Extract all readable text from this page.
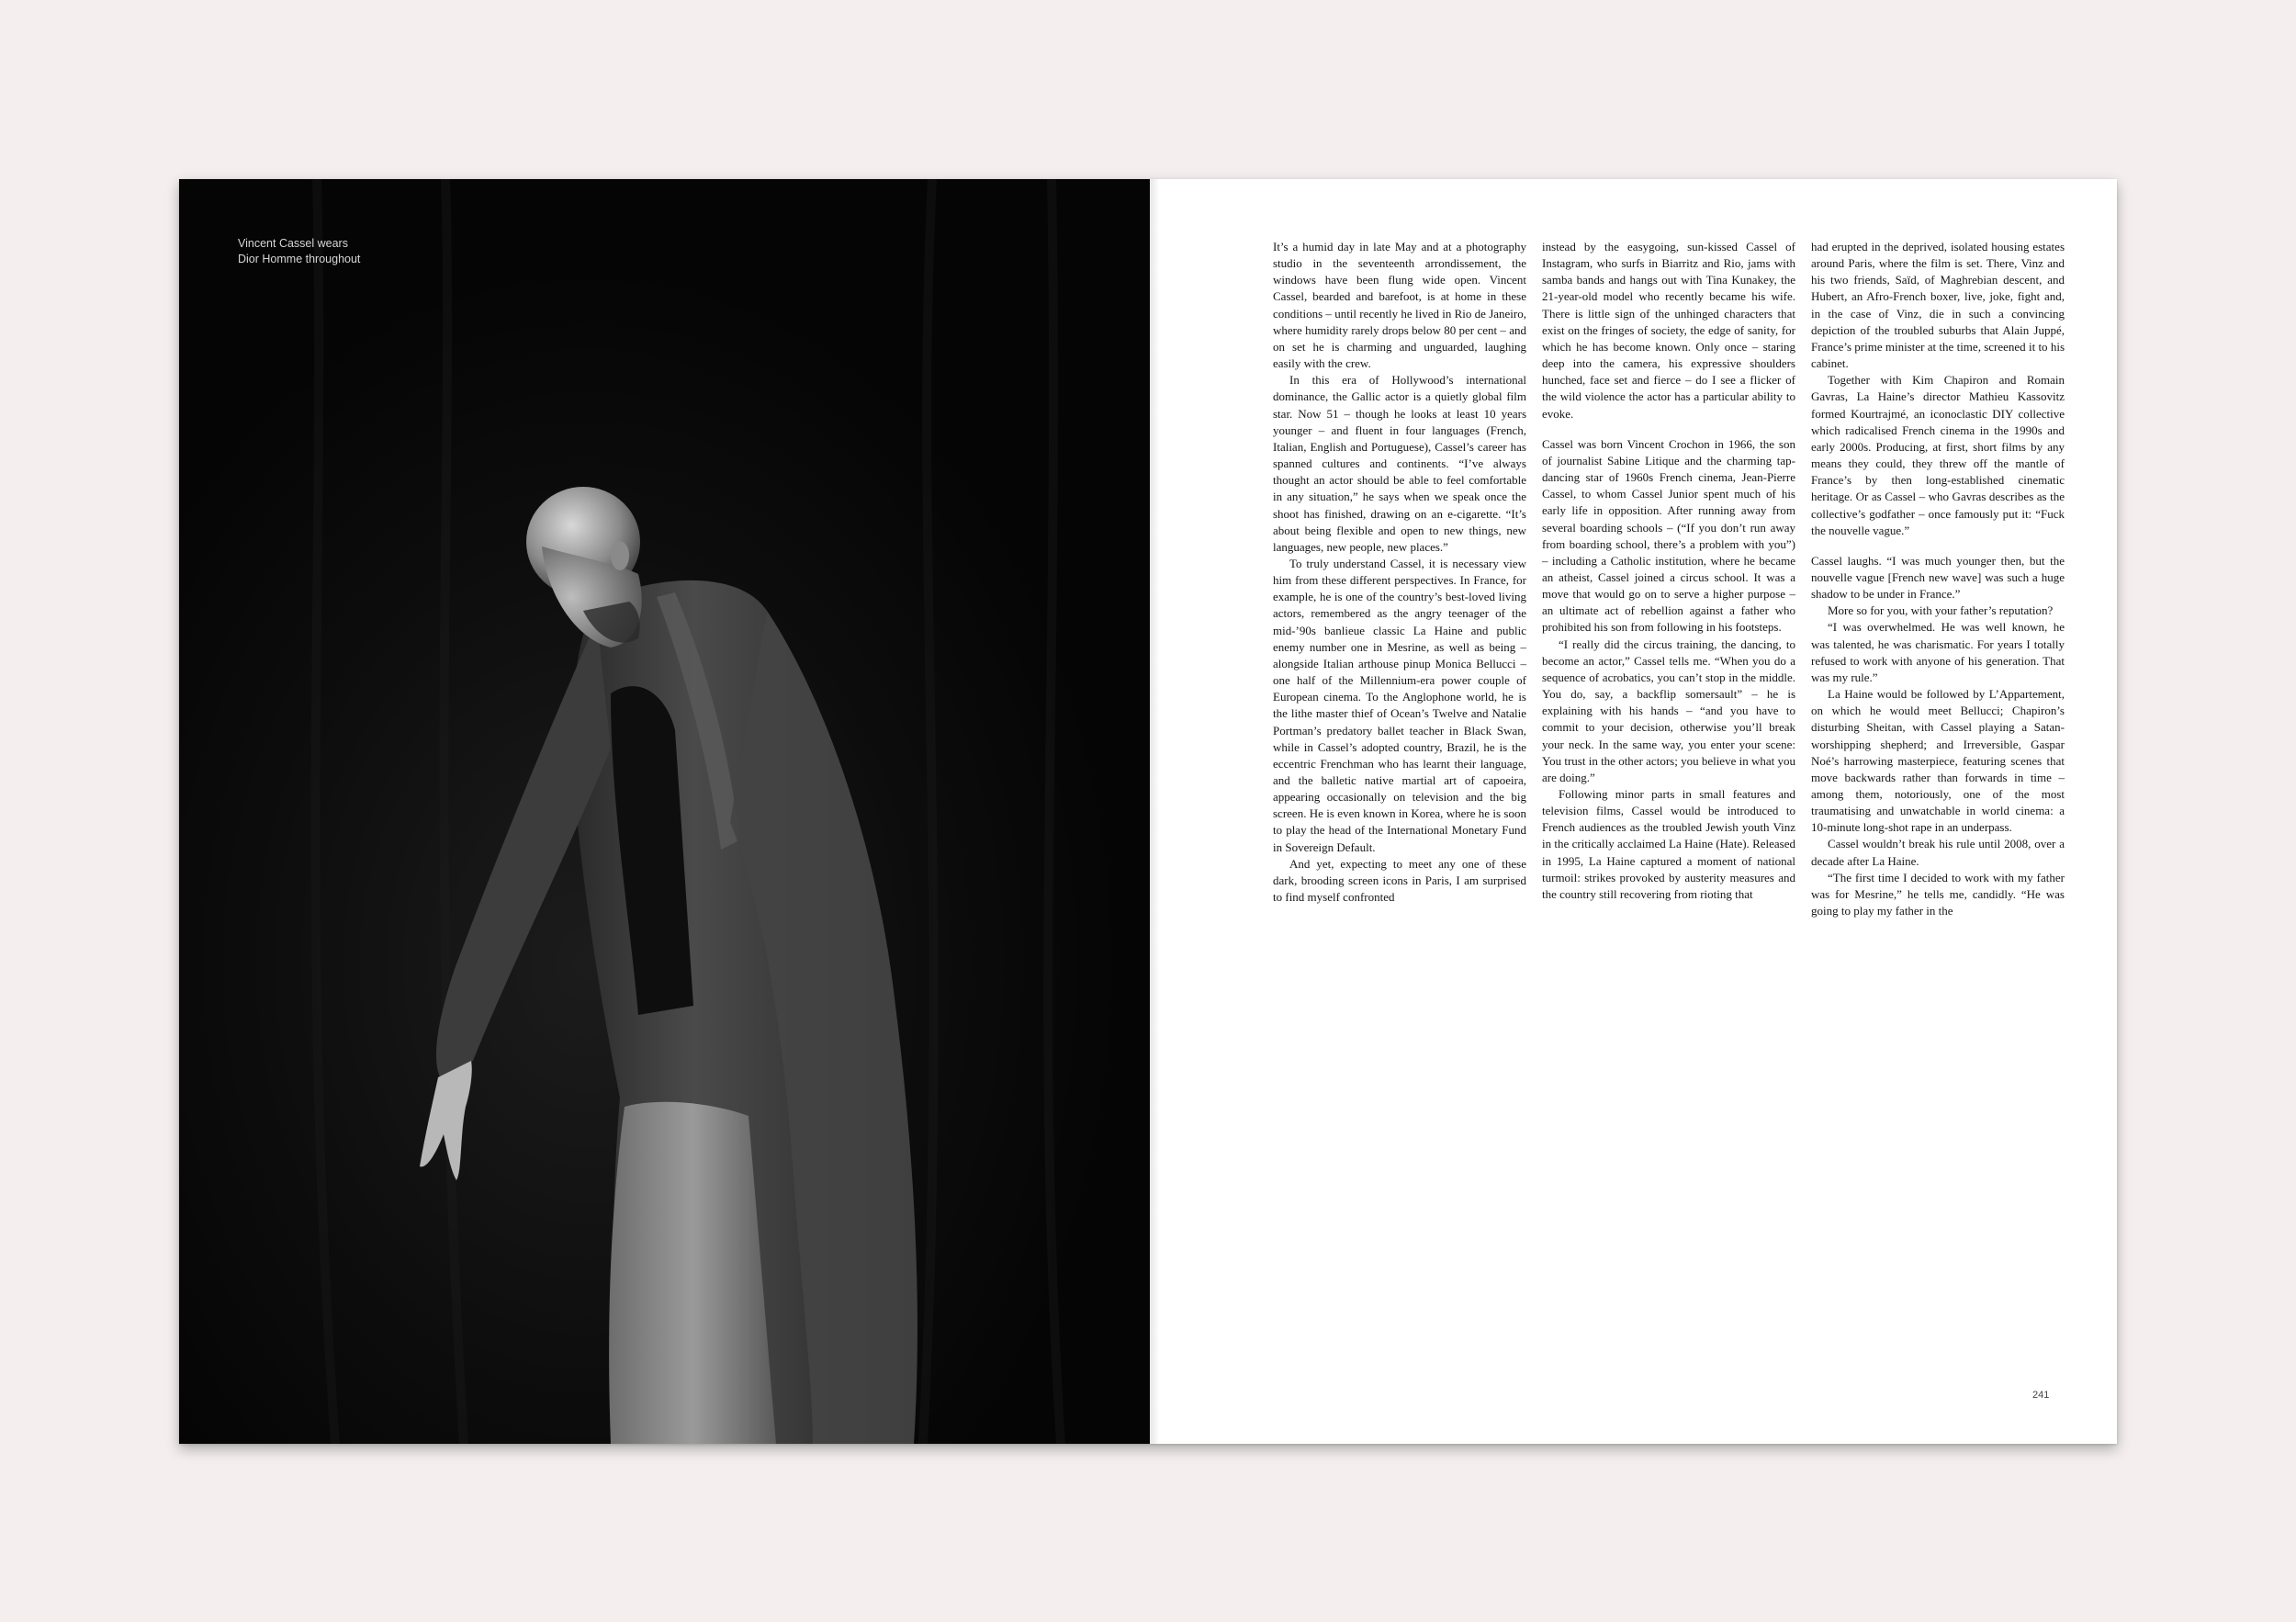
Vincent Cassel wears
Dior Homme throughout

It’s a humid day in late May and at a photography studio in the seventeenth arrondissement, the windows have been flung wide open. Vincent Cassel, bearded and barefoot, is at home in these conditions – until recently he lived in Rio de Janeiro, where humidity rarely drops below 80 per cent – and on set he is charming and unguarded, laughing easily with the crew.

In this era of Hollywood’s international dominance, the Gallic actor is a quietly global film star. Now 51 – though he looks at least 10 years younger – and fluent in four languages (French, Italian, English and Portuguese), Cassel’s career has spanned cultures and continents. “I’ve always thought an actor should be able to feel comfortable in any situation,” he says when we speak once the shoot has finished, drawing on an e-cigarette. “It’s about being flexible and open to new things, new languages, new people, new places.”

To truly understand Cassel, it is necessary view him from these different perspectives. In France, for example, he is one of the country’s best-loved living actors, remembered as the angry teenager of the mid-’90s banlieue classic La Haine and public enemy number one in Mesrine, as well as being – alongside Italian arthouse pinup Monica Bellucci – one half of the Millennium-era power couple of European cinema. To the Anglophone world, he is the lithe master thief of Ocean’s Twelve and Natalie Portman’s predatory ballet teacher in Black Swan, while in Cassel’s adopted country, Brazil, he is the eccentric Frenchman who has learnt their language, and the balletic native martial art of capoeira, appearing occasionally on television and the big screen. He is even known in Korea, where he is soon to play the head of the International Monetary Fund in Sovereign Default.

And yet, expecting to meet any one of these dark, brooding screen icons in Paris, I am surprised to find myself confronted

instead by the easygoing, sun-kissed Cassel of Instagram, who surfs in Biarritz and Rio, jams with samba bands and hangs out with Tina Kunakey, the 21-year-old model who recently became his wife. There is little sign of the unhinged characters that exist on the fringes of society, the edge of sanity, for which he has become known. Only once – staring deep into the camera, his expressive shoulders hunched, face set and fierce – do I see a flicker of the wild violence the actor has a particular ability to evoke.

Cassel was born Vincent Crochon in 1966, the son of journalist Sabine Litique and the charming tap-dancing star of 1960s French cinema, Jean-Pierre Cassel, to whom Cassel Junior spent much of his early life in opposition. After running away from several boarding schools – (“If you don’t run away from boarding school, there’s a problem with you”) – including a Catholic institution, where he became an atheist, Cassel joined a circus school. It was a move that would go on to serve a higher purpose – an ultimate act of rebellion against a father who prohibited his son from following in his footsteps.

“I really did the circus training, the dancing, to become an actor,” Cassel tells me. “When you do a sequence of acrobatics, you can’t stop in the middle. You do, say, a backflip somersault” – he is explaining with his hands – “and you have to commit to your decision, otherwise you’ll break your neck. In the same way, you enter your scene: You trust in the other actors; you believe in what you are doing.”

Following minor parts in small features and television films, Cassel would be introduced to French audiences as the troubled Jewish youth Vinz in the critically acclaimed La Haine (Hate). Released in 1995, La Haine captured a moment of national turmoil: strikes provoked by austerity measures and the country still recovering from rioting that

had erupted in the deprived, isolated housing estates around Paris, where the film is set. There, Vinz and his two friends, Saïd, of Maghrebian descent, and Hubert, an Afro-French boxer, live, joke, fight and, in the case of Vinz, die in such a convincing depiction of the troubled suburbs that Alain Juppé, France’s prime minister at the time, screened it to his cabinet.

Together with Kim Chapiron and Romain Gavras, La Haine’s director Mathieu Kassovitz formed Kourtrajmé, an iconoclastic DIY collective which radicalised French cinema in the 1990s and early 2000s. Producing, at first, short films by any means they could, they threw off the mantle of France’s by then long-established cinematic heritage. Or as Cassel – who Gavras describes as the collective’s godfather – once famously put it: “Fuck the nouvelle vague.”

Cassel laughs. “I was much younger then, but the nouvelle vague [French new wave] was such a huge shadow to be under in France.”

More so for you, with your father’s reputation?

“I was overwhelmed. He was well known, he was talented, he was charismatic. For years I totally refused to work with anyone of his generation. That was my rule.”

La Haine would be followed by L’Appartement, on which he would meet Bellucci; Chapiron’s disturbing Sheitan, with Cassel playing a Satan-worshipping shepherd; and Irreversible, Gaspar Noé’s harrowing masterpiece, featuring scenes that move backwards rather than forwards in time – among them, notoriously, one of the most traumatising and unwatchable in world cinema: a 10-minute long-shot rape in an underpass.

Cassel wouldn’t break his rule until 2008, over a decade after La Haine.

“The first time I decided to work with my father was for Mesrine,” he tells me, candidly. “He was going to play my father in the

241
